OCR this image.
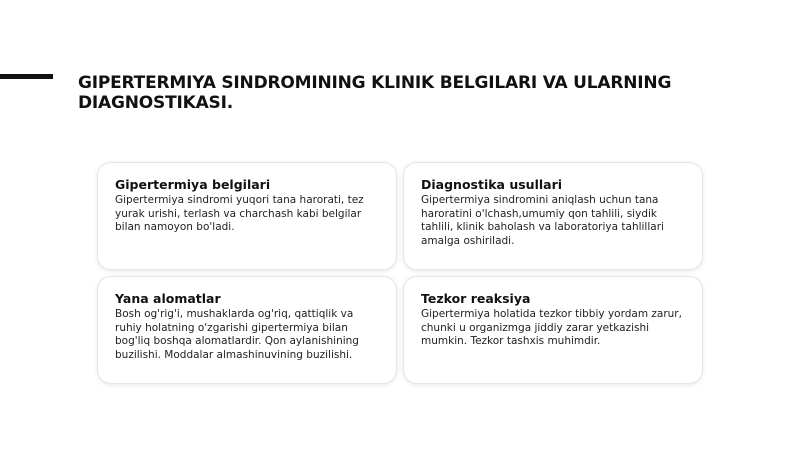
GIPERTERMIYA SINDROMINING KLINIK BELGILARI VA ULARNING DIAGNOSTIKASI.
Gipertermiya belgilari

Gipertermiya sindromi yuqori tana harorati, tez yurak urishi, terlash va charchash kabi belgilar bilan namoyon bo'ladi.

Diagnostika usullari

Gipertermiya sindromini aniqlash uchun tana haroratini o'lchash,umumiy qon tahlili, siydik tahlili, klinik baholash va laboratoriya tahlillari amalga oshiriladi.

Yana alomatlar

Bosh og'rig'i, mushaklarda og'riq, qattiqlik va ruhiy holatning o'zgarishi gipertermiya bilan bog'liq boshqa alomatlardir. Qon aylanishining buzilishi. Moddalar almashinuvining buzilishi.

Tezkor reaksiya

Gipertermiya holatida tezkor tibbiy yordam zarur, chunki u organizmga jiddiy zarar yetkazishi mumkin. Tezkor tashxis muhimdir.
